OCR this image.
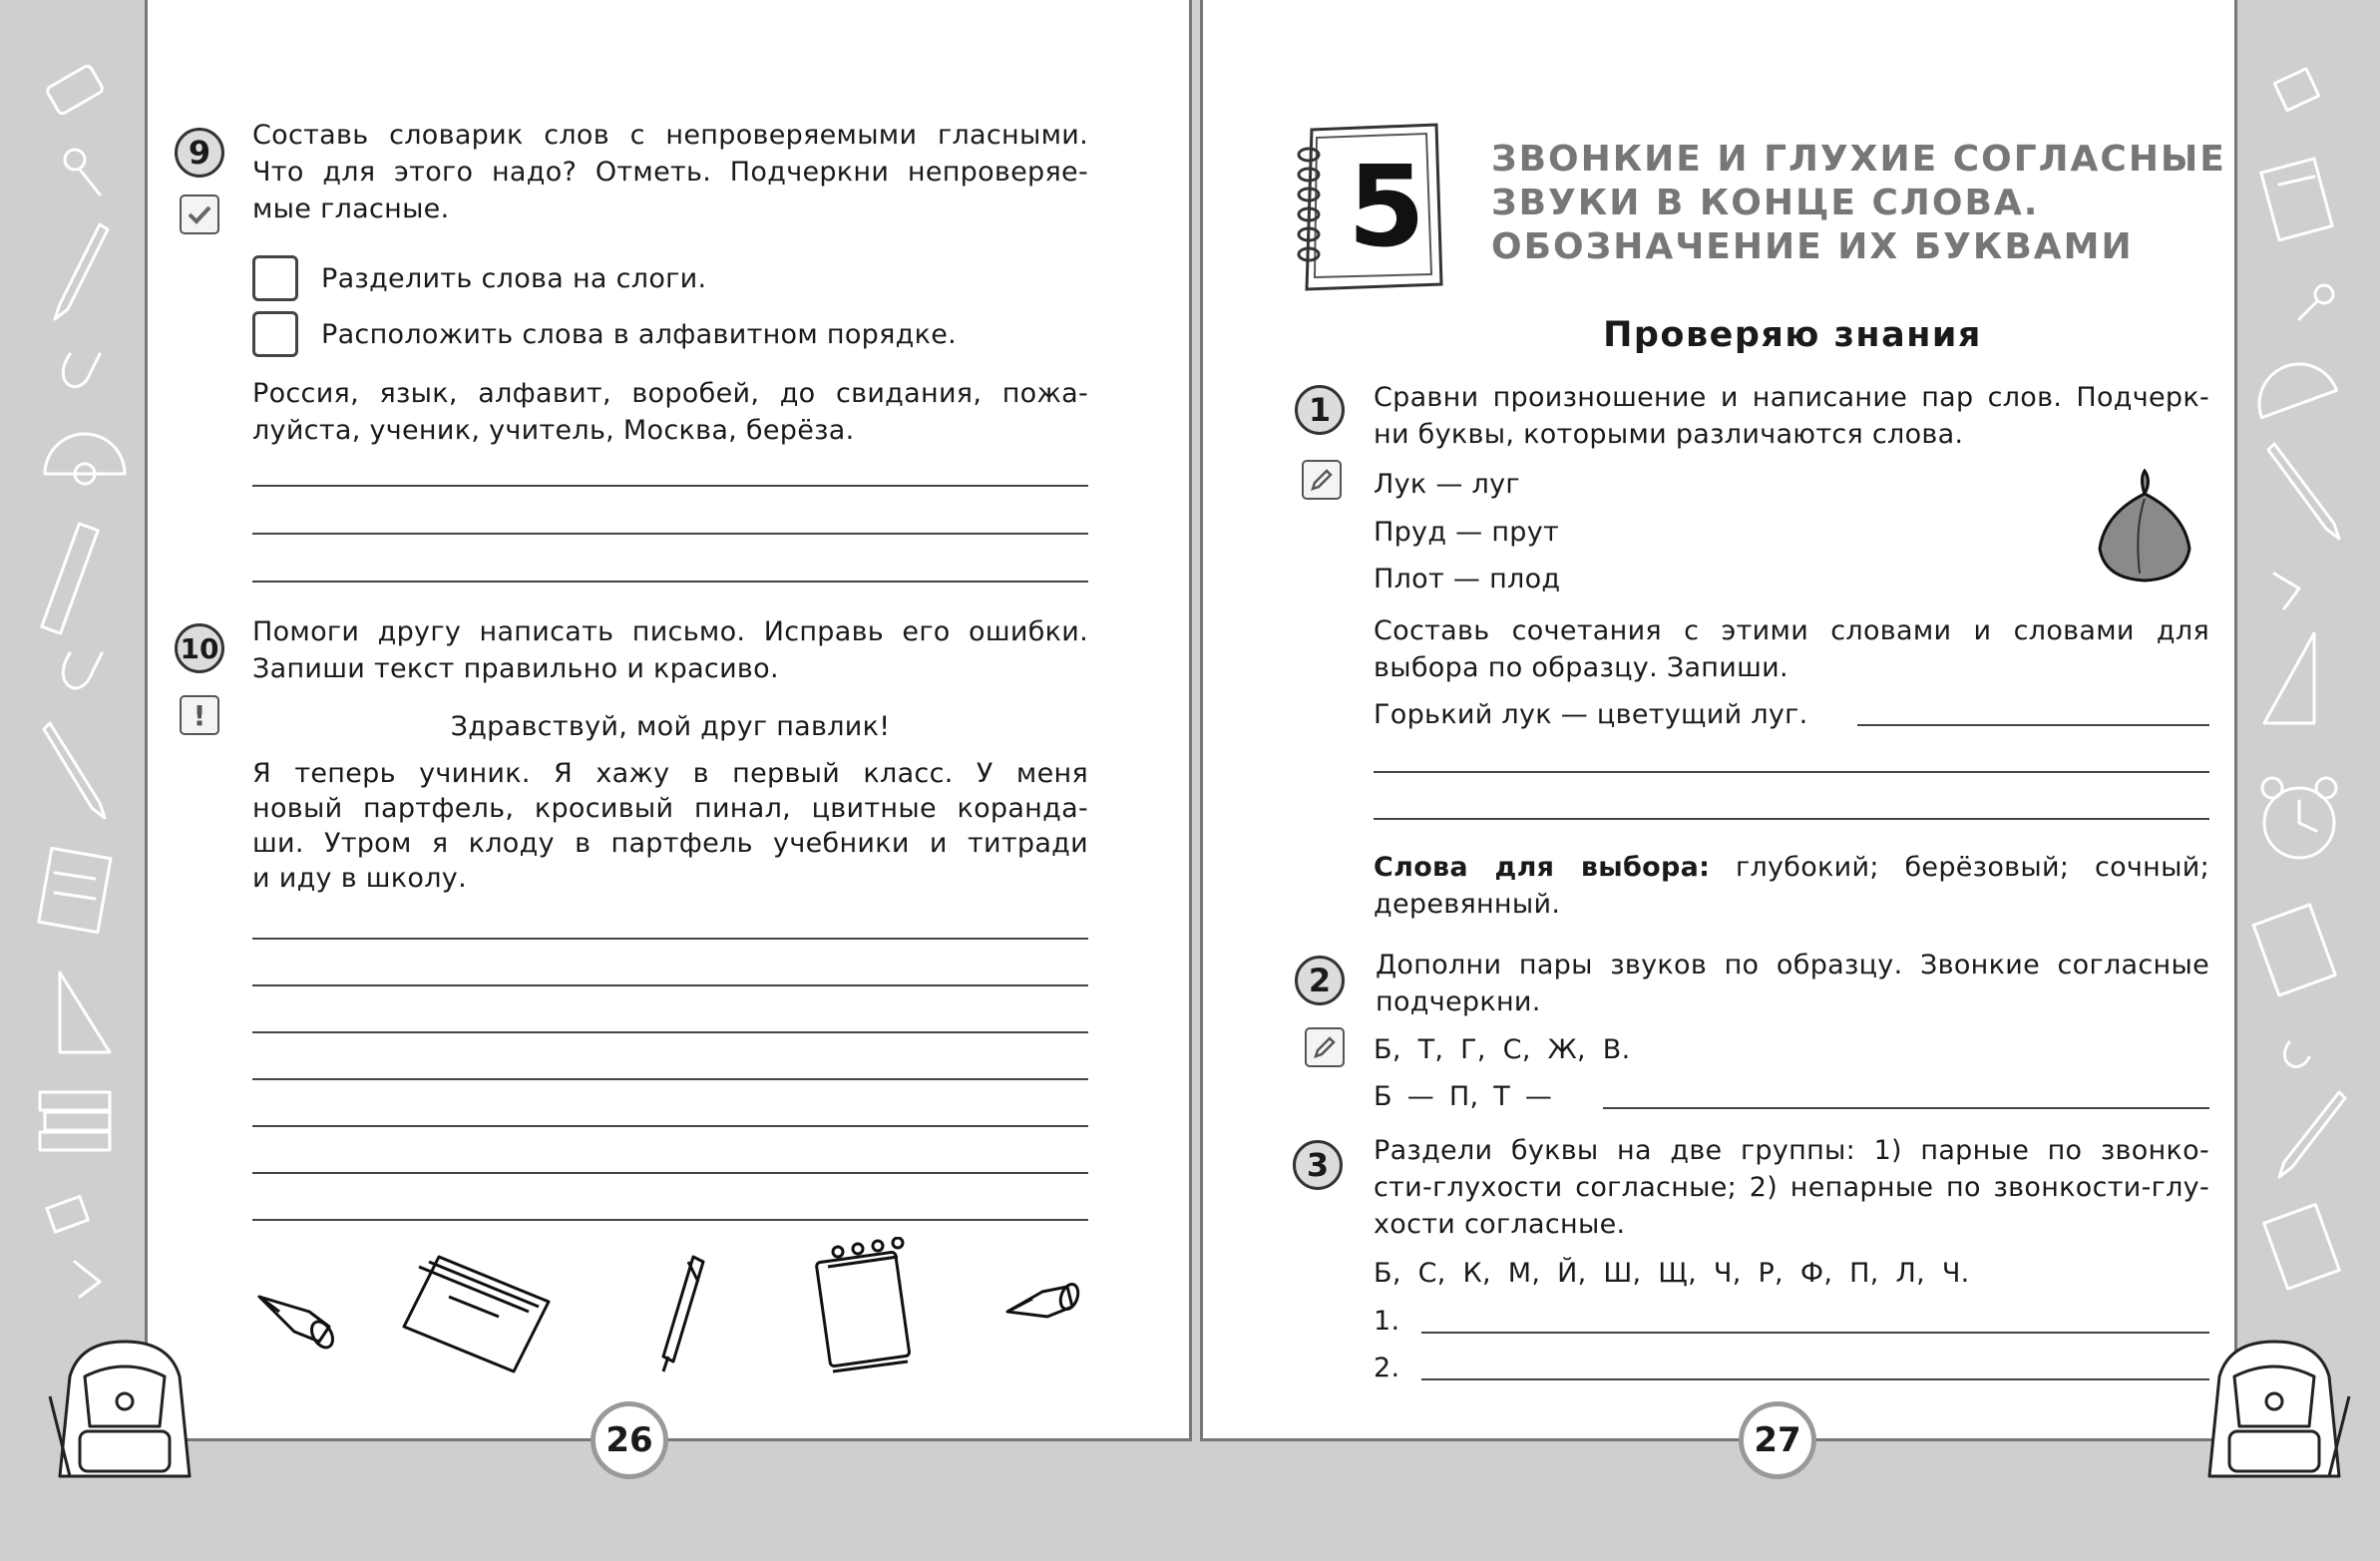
9	Составь словарик слов с непроверяемыми гласными.
Что для этого надо? Отметь. Подчеркни непроверяе-
мые гласные.
Разделить слова на слоги.
Расположить слова в алфавитном порядке.
Россия, язык, алфавит, воробей, до свидания, пожа-
луйста, ученик, учитель, Москва, берёза.
10
!
Помоги другу написать письмо. Исправь его ошибки.
Запиши текст правильно и красиво.
Здравствуй, мой друг павлик!
Я теперь учиник. Я хажу в первый класс. У меня
новый партфель, кросивый пинал, цвитные коранда-
ши. Утром я клоду в партфель учебники и титради
и иду в школу.
26
5	ЗВОНКИЕ И ГЛУХИЕ СОГЛАСНЫЕ
ЗВУКИ В КОНЦЕ СЛОВА.
ОБОЗНАЧЕНИЕ ИХ БУКВАМИ
Проверяю знания
1	Сравни произношение и написание пар слов. Подчерк-
ни буквы, которыми различаются слова.
Лук — луг
Пруд — прут
Плот — плод
Составь сочетания с этими словами и словами для
выбора по образцу. Запиши.
Горький лук — цветущий луг.
Слова для выбора: глубокий; берёзовый; сочный;
деревянный.
2	Дополни пары звуков по образцу. Звонкие согласные
подчеркни.
Б, Т, Г, С, Ж, В.
Б — П, Т —
3	Раздели буквы на две группы: 1) парные по звонко-
сти-глухости согласные; 2) непарные по звонкости-глу-
хости согласные.
Б, С, К, М, Й, Ш, Щ, Ч, Р, Ф, П, Л, Ч.
1.
2.
27
